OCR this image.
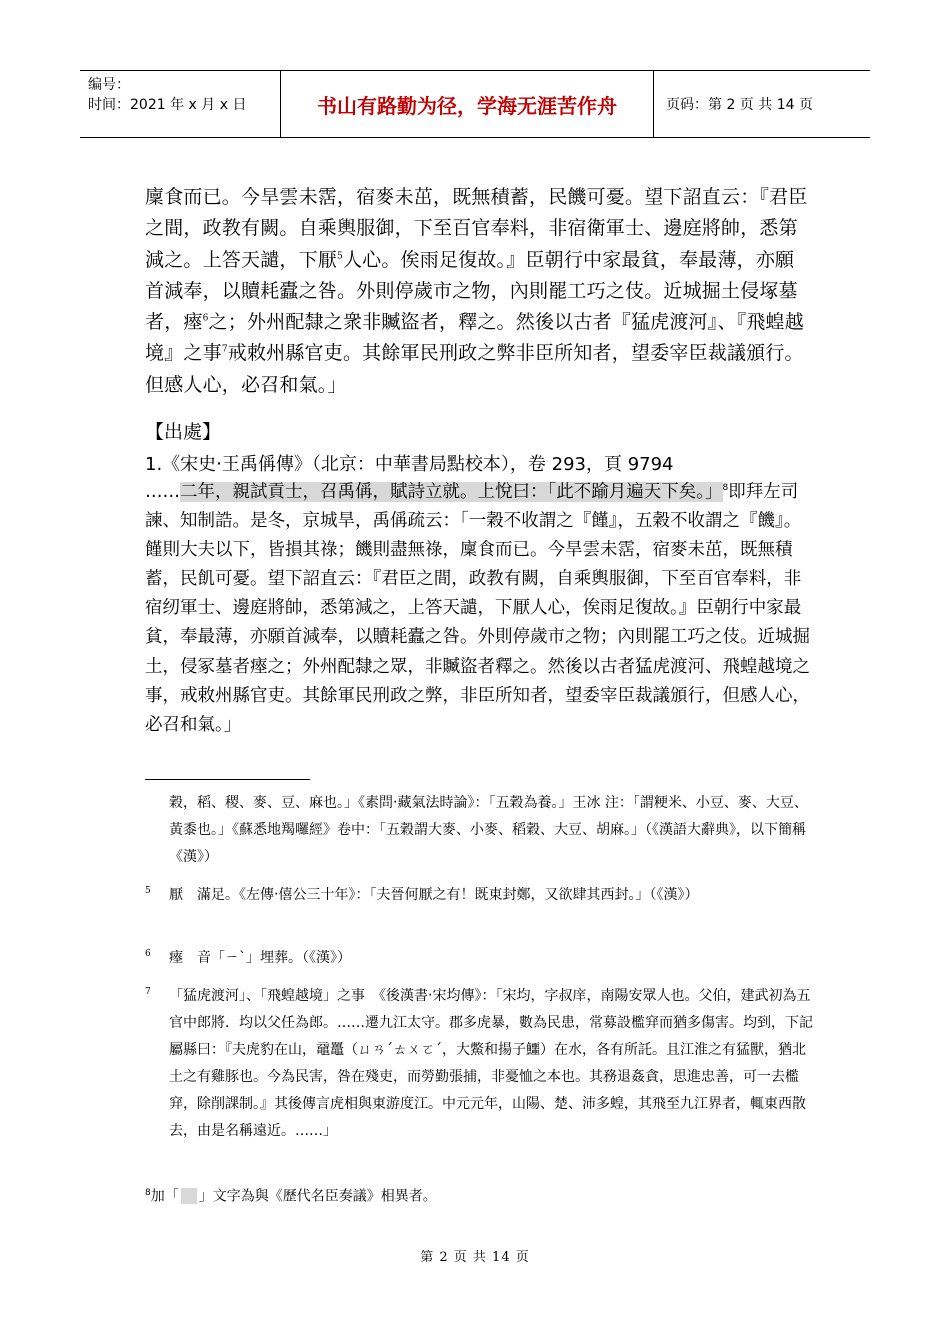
编号：
时间：2021 年 x 月 x 日	书山有路勤为径，学海无涯苦作舟	页码：第 2 页 共 14 页
廩食而已。今旱雲未霑，宿麥未茁，既無積蓄，民饑可憂。望下詔直云：『君臣之間，政教有闕。自乘輿服御，下至百官奉料，非宿衛軍士、邊庭將帥，悉第減之。上答天譴，下厭$^5$人心。俟雨足復故。』臣朝行中家最貧，奉最薄，亦願首減奉，以贖耗蠹之咎。外則停歲市之物，內則罷工巧之伎。近城掘土侵塚墓者，瘞$^6$之；外州配隸之衆非贓盜者，釋之。然後以古者『猛虎渡河』、『飛蝗越境』之事$^7$戒敕州縣官吏。其餘軍民刑政之弊非臣所知者，望委宰臣裁議頒行。但感人心，必召和氣。」
【出處】
1.《宋史‧王禹偁傳》（北京：中華書局點校本），卷 293，頁 9794
……二年，親試貢士，召禹偁，賦詩立就。上悅曰：「此不踰月遍天下矣。」$^8$即拜左司諫、知制誥。是冬，京城旱，禹偁疏云：「一穀不收謂之『饉』，五穀不收謂之『饑』。饉則大夫以下，皆損其祿；饑則盡無祿，廩食而已。今旱雲未霑，宿麥未茁，既無積蓄，民飢可憂。望下詔直云：『君臣之間，政教有闕，自乘輿服御，下至百官奉料，非宿纫軍士、邊庭將帥，悉第減之，上答天譴，下厭人心，俟雨足復故。』臣朝行中家最貧，奉最薄，亦願首減奉，以贖耗蠹之咎。外則停歲市之物；內則罷工巧之伎。近城掘土，侵冢墓者瘞之；外州配隸之眾，非贓盜者釋之。然後以古者猛虎渡河、飛蝗越境之事，戒敕州縣官吏。其餘軍民刑政之弊，非臣所知者，望委宰臣裁議頒行，但感人心，必召和氣。」
穀，稻、稷、麥、豆、麻也。」《素問‧藏氣法時論》：「五穀為養。」王冰 注：「謂粳米、小豆、麥、大豆、黃黍也。」《蘇悉地羯囉經》卷中：「五穀謂大麥、小麥、稻穀、大豆、胡麻。」（《漢語大辭典》，以下簡稱《漢》）
5	厭　滿足。《左傳‧僖公三十年》：「夫晉何厭之有！既東封鄭，又欲肆其西封。」（《漢》）
6	瘞　音「ㄧˋ」埋葬。（《漢》）
7	「猛虎渡河」、「飛蝗越境」之事　《後漢書‧宋均傳》：「宋均，字叔庠，南陽安眾人也。父伯，建武初為五官中郎將．均以父任為郎。……遷九江太守。郡多虎暴，數為民患，常募設檻穽而猶多傷害。均到，下記屬縣曰：『夫虎豹在山，黿鼉（ㄩㄢˊㄊㄨㄛˊ，大鱉和揚子鱷）在水，各有所託。且江淮之有猛獸，猶北土之有雞豚也。今為民害，咎在殘吏，而勞勤張捕，非憂恤之本也。其務退姦貪，思進忠善，可一去檻穽，除削課制。』其後傳言虎相與東游度江。中元元年，山陽、楚、沛多蝗，其飛至九江界者，輒東西散去，由是名稱遠近。……」
$^8$加「 」文字為與《歷代名臣奏議》相異者。
第 2 页 共 14 页
